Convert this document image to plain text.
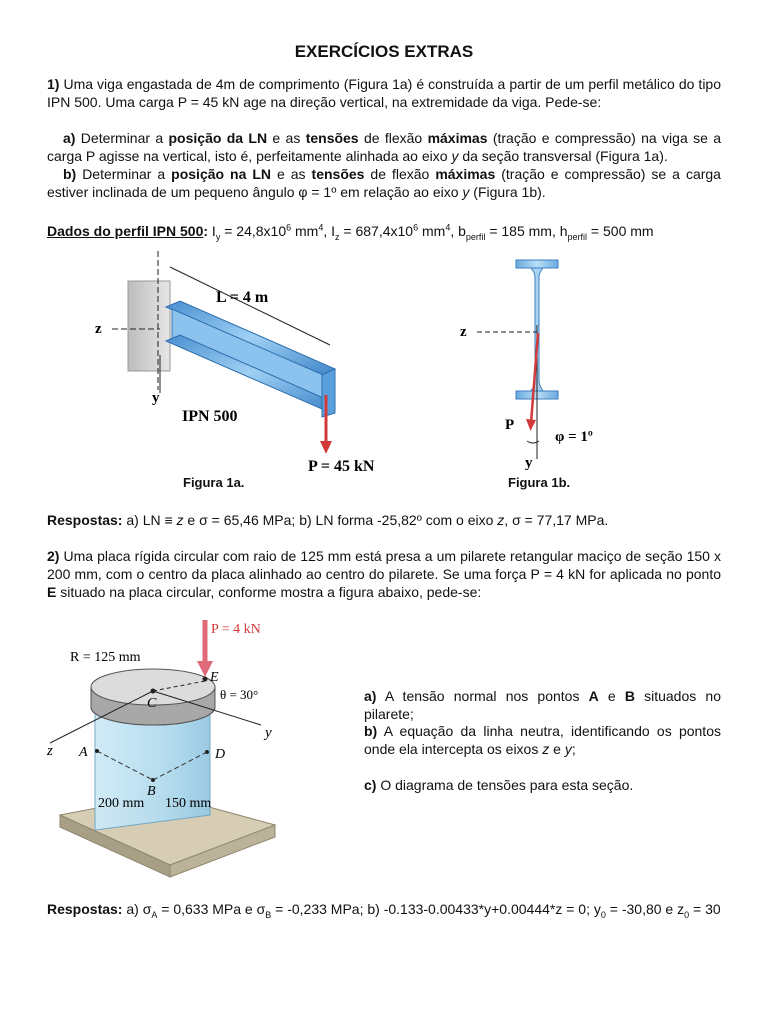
EXERCÍCIOS EXTRAS
1) Uma viga engastada de 4m de comprimento (Figura 1a) é construída a partir de um perfil metálico do tipo IPN 500. Uma carga P = 45 kN age na direção vertical, na extremidade da viga. Pede-se:
a) Determinar a posição da LN e as tensões de flexão máximas (tração e compressão) na viga se a carga P agisse na vertical, isto é, perfeitamente alinhada ao eixo y da seção transversal (Figura 1a).
b) Determinar a posição na LN e as tensões de flexão máximas (tração e compressão) se a carga estiver inclinada de um pequeno ângulo φ = 1º em relação ao eixo y (Figura 1b).
Dados do perfil IPN 500: $I_y = 24,8x10^6$ $mm^4$, $I_z = 687,4x10^6$ $mm^4$, $b_{perfil} = 185$ mm, $h_{perfil} = 500$ mm
z
L = 4 m
y
IPN 500
P = 45 kN
z
P
φ = 1º
y
Figura 1a.	Figura 1b.
Respostas: a) LN ≡ z e σ = 65,46 MPa; b) LN forma -25,82º com o eixo z, σ = 77,17 MPa.
2) Uma placa rígida circular com raio de 125 mm está presa a um pilarete retangular maciço de seção 150 x 200 mm, com o centro da placa alinhado ao centro do pilarete. Se uma força P = 4 kN for aplicada no ponto E situado na placa circular, conforme mostra a figura abaixo, pede-se:
P = 4 kN
R = 125 mm
E
θ = 30°
C
y
z A	D
B
200 mm 150 mm
a) A tensão normal nos pontos A e B situados no pilarete;
b) A equação da linha neutra, identificando os pontos onde ela intercepta os eixos z e y;
c) O diagrama de tensões para esta seção.
Respostas: a) $\sigma_A = 0,633$ MPa e $\sigma_B = -0,233$ MPa; b) -0.133-0.00433*y+0.00444*z = 0; $y_0 = -30,80$ e $z_0 = 30$
